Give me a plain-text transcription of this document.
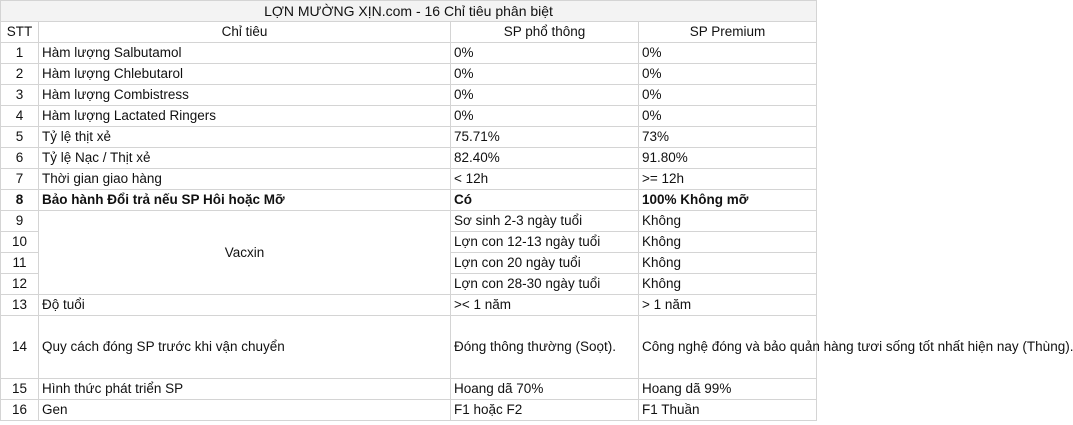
LỢN MƯỜNG XỊN.com - 16 Chỉ tiêu phân biệt			
STT	Chỉ tiêu	SP phổ thông	SP Premium
1	Hàm lượng Salbutamol	0%	0%
2	Hàm lượng Chlebutarol	0%	0%
3	Hàm lượng Combistress	0%	0%
4	Hàm lượng Lactated Ringers	0%	0%
5	Tỷ lệ thịt xẻ	75.71%	73%
6	Tỷ lệ Nạc / Thịt xẻ	82.40%	91.80%
7	Thời gian giao hàng	< 12h	>= 12h
8	Bảo hành Đổi trả nếu SP Hôi hoặc Mỡ	Có	100% Không mỡ
9	Vacxin	Sơ sinh 2-3 ngày tuổi	Không
10		Lợn con 12-13 ngày tuổi	Không
11		Lợn con 20 ngày tuổi	Không
12		Lợn con 28-30 ngày tuổi	Không
13	Độ tuổi	>< 1 năm	> 1 năm
14	Quy cách đóng SP trước khi vận chuyển	Đóng thông thường (Soọt).	Công nghệ đóng và bảo quản hàng tươi sống tốt nhất hiện nay (Thùng).
15	Hình thức phát triển SP	Hoang dã 70%	Hoang dã 99%
16	Gen	F1 hoặc F2	F1 Thuần
